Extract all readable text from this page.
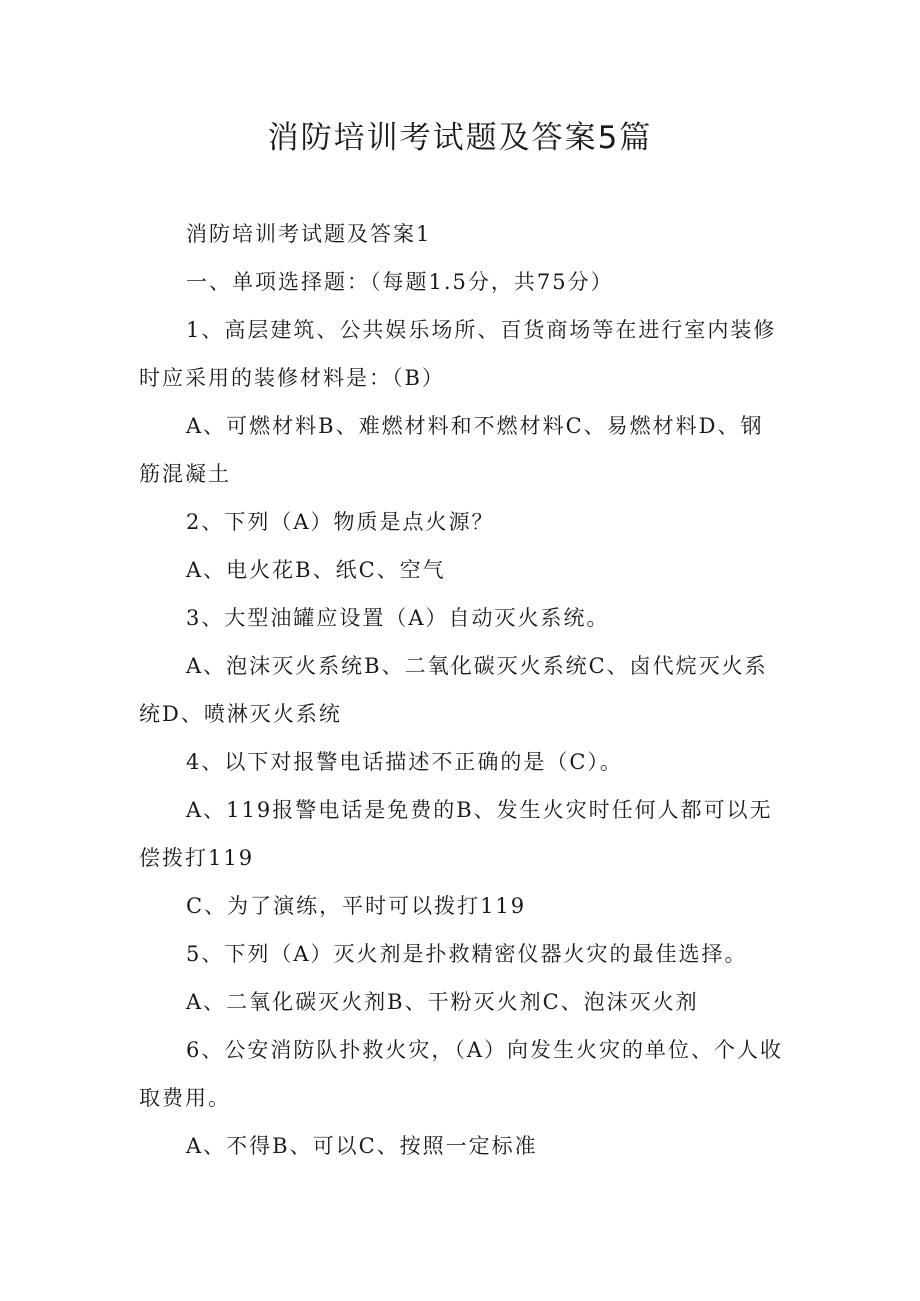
消防培训考试题及答案5篇

消防培训考试题及答案1

一、单项选择题：（每题1.5分，共75分）

1、高层建筑、公共娱乐场所、百货商场等在进行室内装修时应采用的装修材料是：（B）

A、可燃材料B、难燃材料和不燃材料C、易燃材料D、钢筋混凝土

2、下列（A）物质是点火源？

A、电火花B、纸C、空气

3、大型油罐应设置（A）自动灭火系统。

A、泡沫灭火系统B、二氧化碳灭火系统C、卤代烷灭火系统D、喷淋灭火系统

4、以下对报警电话描述不正确的是（C）。

A、119报警电话是免费的B、发生火灾时任何人都可以无偿拨打119

C、为了演练，平时可以拨打119

5、下列（A）灭火剂是扑救精密仪器火灾的最佳选择。

A、二氧化碳灭火剂B、干粉灭火剂C、泡沫灭火剂

6、公安消防队扑救火灾，（A）向发生火灾的单位、个人收取费用。

A、不得B、可以C、按照一定标准
